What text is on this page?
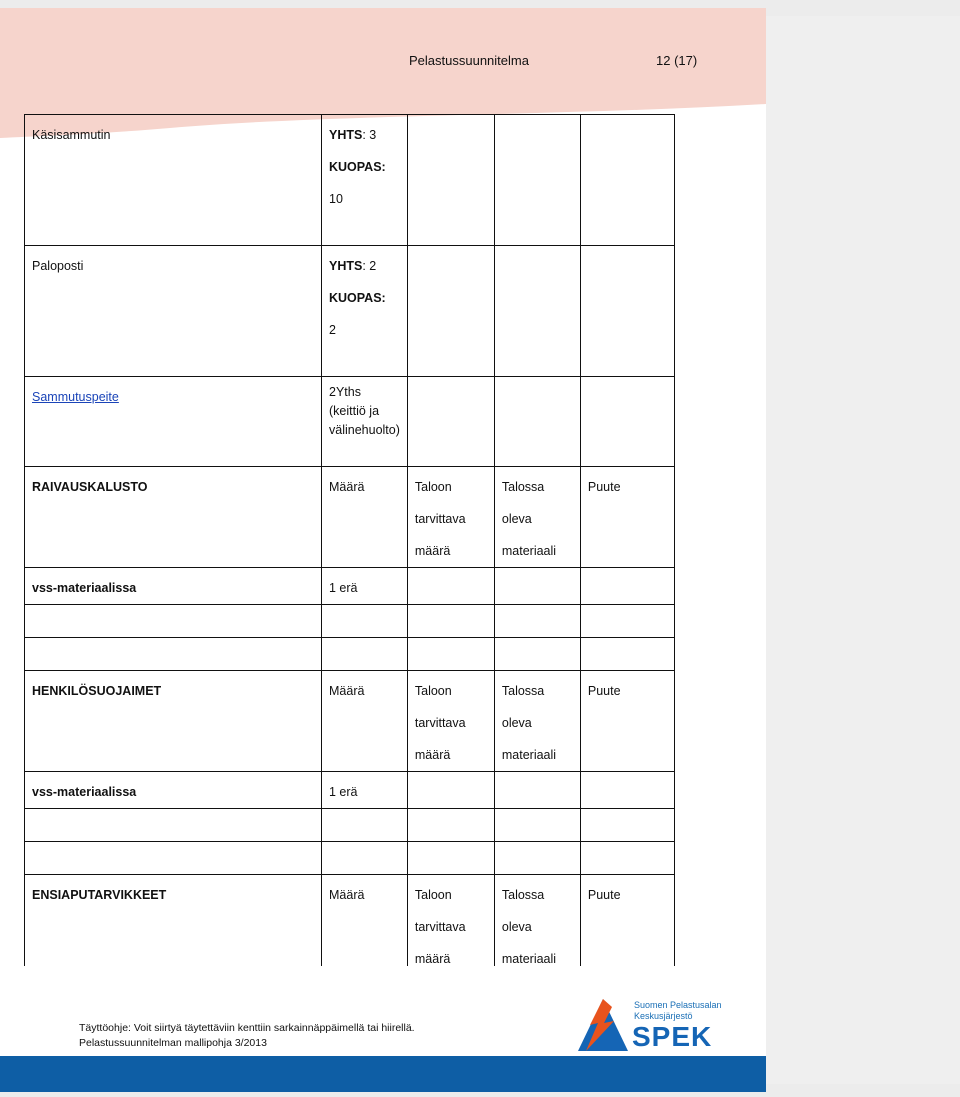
Pelastussuunnitelma	12 (17)
Käsisammutin	YHTS: 3
KUOPAS:
10			
Paloposti	YHTS: 2
KUOPAS:
2			
Sammutuspeite	2Yths (keittiö ja välinehuolto)			
RAIVAUSKALUSTO	Määrä	Taloon tarvittava määrä	Talossa oleva materiaali	Puute
vss-materiaalissa	1 erä			

HENKILÖSUOJAIMET	Määrä	Taloon tarvittava määrä	Talossa oleva materiaali	Puute
vss-materiaalissa	1 erä			

ENSIAPUTARVIKKEET	Määrä	Taloon tarvittava määrä	Talossa oleva materiaali	Puute
Täyttöohje: Voit siirtyä täytettäviin kenttiin sarkainnäppäimellä tai hiirellä.
Pelastussuunnitelman mallipohja 3/2013
Suomen Pelastusalan Keskusjärjestö
SPEK
